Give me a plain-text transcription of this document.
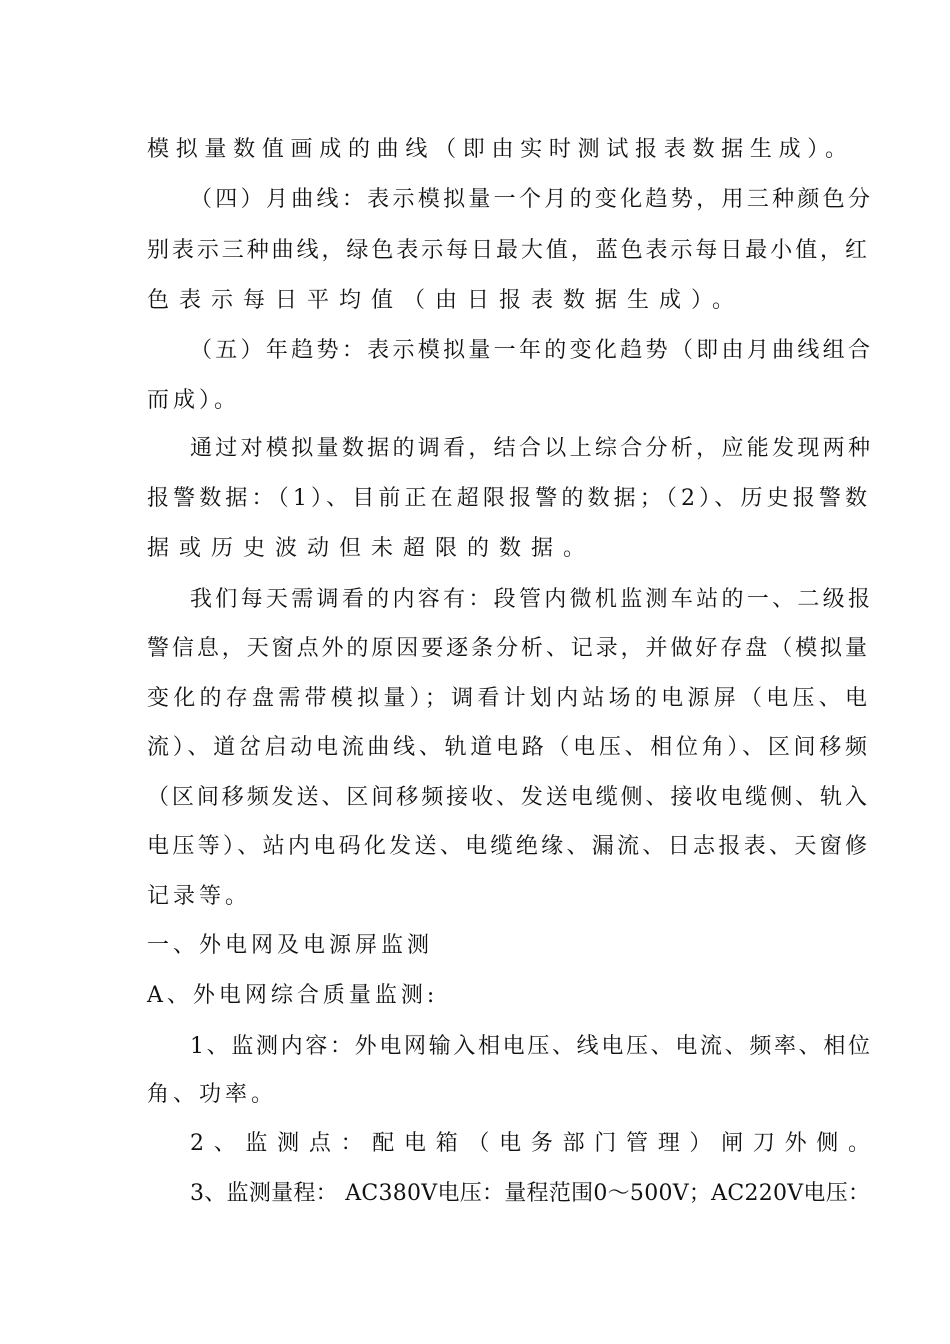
模拟量数值画成的曲线（即由实时测试报表数据生成）。
（四）月曲线：表示模拟量一个月的变化趋势，用三种颜色分
别表示三种曲线，绿色表示每日最大值，蓝色表示每日最小值，红
色表示每日平均值（由日报表数据生成）。
（五）年趋势：表示模拟量一年的变化趋势（即由月曲线组合
而成）。
通过对模拟量数据的调看，结合以上综合分析，应能发现两种
报警数据：（1）、目前正在超限报警的数据；（2）、历史报警数
据或历史波动但未超限的数据。
我们每天需调看的内容有：段管内微机监测车站的一、二级报
警信息，天窗点外的原因要逐条分析、记录，并做好存盘（模拟量
变化的存盘需带模拟量）；调看计划内站场的电源屏（电压、电
流）、道岔启动电流曲线、轨道电路（电压、相位角）、区间移频
（区间移频发送、区间移频接收、发送电缆侧、接收电缆侧、轨入
电压等）、站内电码化发送、电缆绝缘、漏流、日志报表、天窗修
记录等。
一、外电网及电源屏监测
A、外电网综合质量监测:
1、监测内容：外电网输入相电压、线电压、电流、频率、相位
角、功率。
2、监测点：配电箱（电务部门管理）闸刀外侧。
3、监测量程： AC380V电压：量程范围0～500V；AC220V电压：
